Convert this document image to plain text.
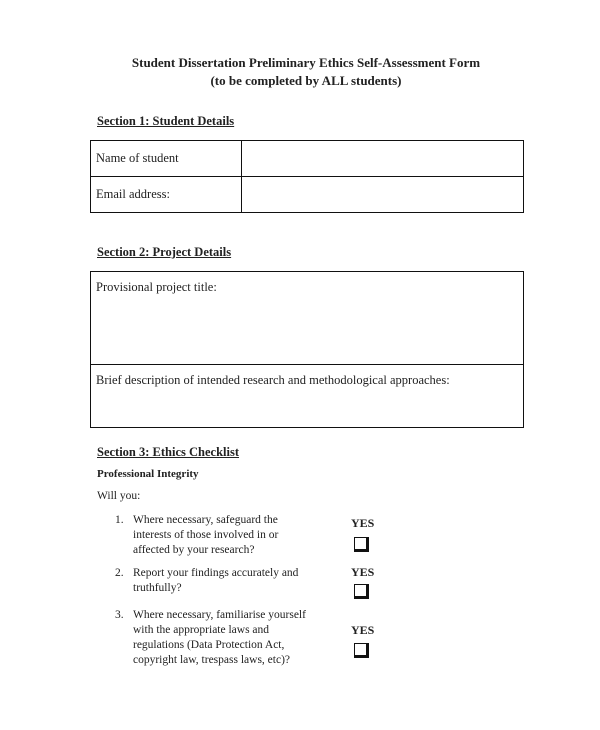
Student Dissertation Preliminary Ethics Self-Assessment Form
(to be completed by ALL students)
Section 1: Student Details
Name of student	
Email address:	
Section 2: Project Details
Provisional project title:
Brief description of intended research and methodological approaches:
Section 3: Ethics Checklist
Professional Integrity
Will you:
1. Where necessary, safeguard the interests of those involved in or affected by your research?
YES
2. Report your findings accurately and truthfully?
YES
3. Where necessary, familiarise yourself with the appropriate laws and regulations (Data Protection Act, copyright law, trespass laws, etc)?
YES
